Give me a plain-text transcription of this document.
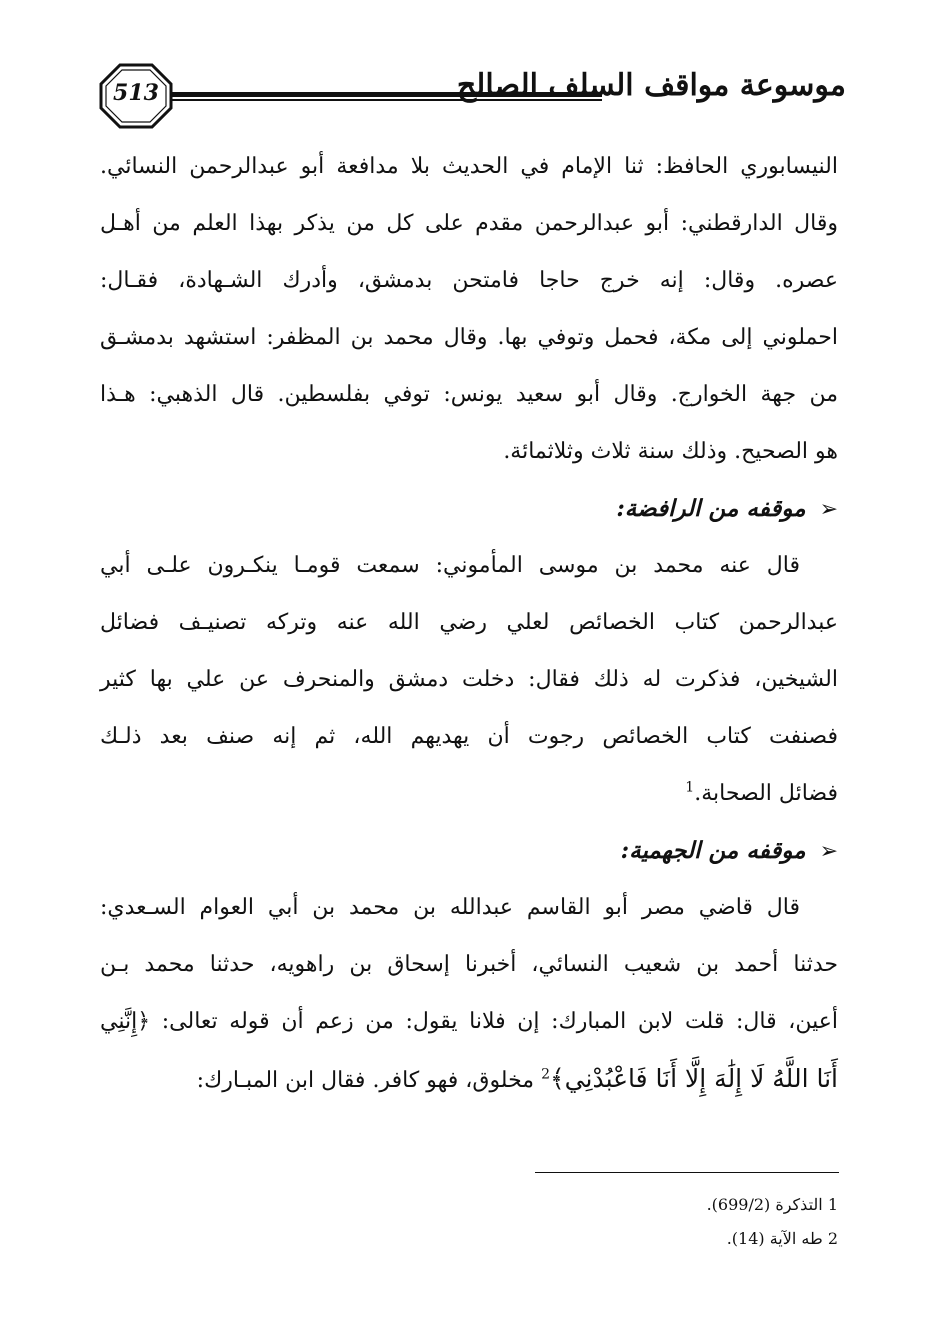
513	موسوعة مواقف السلف الصالح
النيسابوري الحافظ: ثنا الإمام في الحديث بلا مدافعة أبو عبدالرحمن النسائي.
وقال الدارقطني: أبو عبدالرحمن مقدم على كل من يذكر بهذا العلم من أهـل
عصره. وقال: إنه خرج حاجا فامتحن بدمشق، وأدرك الشـهادة، فقـال:
احملوني إلى مكة، فحمل وتوفي بها. وقال محمد بن المظفر: استشهد بدمشـق
من جهة الخوارج. وقال أبو سعيد يونس: توفي بفلسطين. قال الذهبي: هـذا
هو الصحيح. وذلك سنة ثلاث وثلاثمائة.
➢موقفه من الرافضة:
قال عنه محمد بن موسى المأموني: سمعت قومـا ينكـرون علـى أبي
عبدالرحمن كتاب الخصائص لعلي رضي الله عنه وتركه تصنيـف فضائل
الشيخين، فذكرت له ذلك فقال: دخلت دمشق والمنحرف عن علي بها كثير
فصنفت كتاب الخصائص رجوت أن يهديهم الله، ثم إنه صنف بعد ذلـك
فضائل الصحابة.$^1$
➢موقفه من الجهمية:
قال قاضي مصر أبو القاسم عبدالله بن محمد بن أبي العوام السـعدي:
حدثنا أحمد بن شعيب النسائي، أخبرنا إسحاق بن راهويه، حدثنا محمد بـن
أعين، قال: قلت لابن المبارك: إن فلانا يقول: من زعم أن قوله تعالى: ﴿إِنَّنِي
أَنَا اللَّهُ لَا إِلَٰهَ إِلَّا أَنَا فَاعْبُدْنِي﴾$^2$ مخلوق، فهو كافر. فقال ابن المبـارك:
1 التذكرة (699/2).
2 طه الآية (14).
